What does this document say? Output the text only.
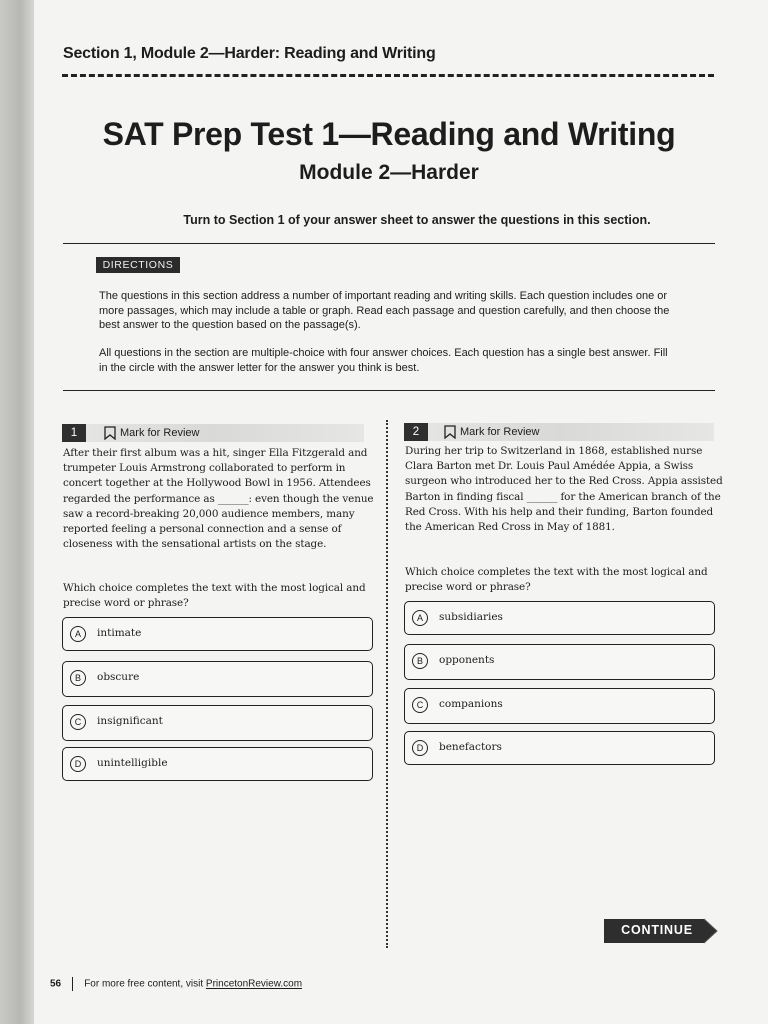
Section 1, Module 2—Harder: Reading and Writing
SAT Prep Test 1—Reading and Writing
Module 2—Harder
Turn to Section 1 of your answer sheet to answer the questions in this section.
DIRECTIONS
The questions in this section address a number of important reading and writing skills. Each question includes one or more passages, which may include a table or graph. Read each passage and question carefully, and then choose the best answer to the question based on the passage(s).
All questions in the section are multiple-choice with four answer choices. Each question has a single best answer. Fill in the circle with the answer letter for the answer you think is best.
1	Mark for Review
After their first album was a hit, singer Ella Fitzgerald and trumpeter Louis Armstrong collaborated to perform in concert together at the Hollywood Bowl in 1956. Attendees regarded the performance as ______: even though the venue saw a record-breaking 20,000 audience members, many reported feeling a personal connection and a sense of closeness with the sensational artists on the stage.
Which choice completes the text with the most logical and precise word or phrase?
A	intimate
B	obscure
C	insignificant
D	unintelligible
2	Mark for Review
During her trip to Switzerland in 1868, established nurse Clara Barton met Dr. Louis Paul Amédée Appia, a Swiss surgeon who introduced her to the Red Cross. Appia assisted Barton in finding fiscal ______ for the American branch of the Red Cross. With his help and their funding, Barton founded the American Red Cross in May of 1881.
Which choice completes the text with the most logical and precise word or phrase?
A	subsidiaries
B	opponents
C	companions
D	benefactors
CONTINUE
56 For more free content, visit PrincetonReview.com
